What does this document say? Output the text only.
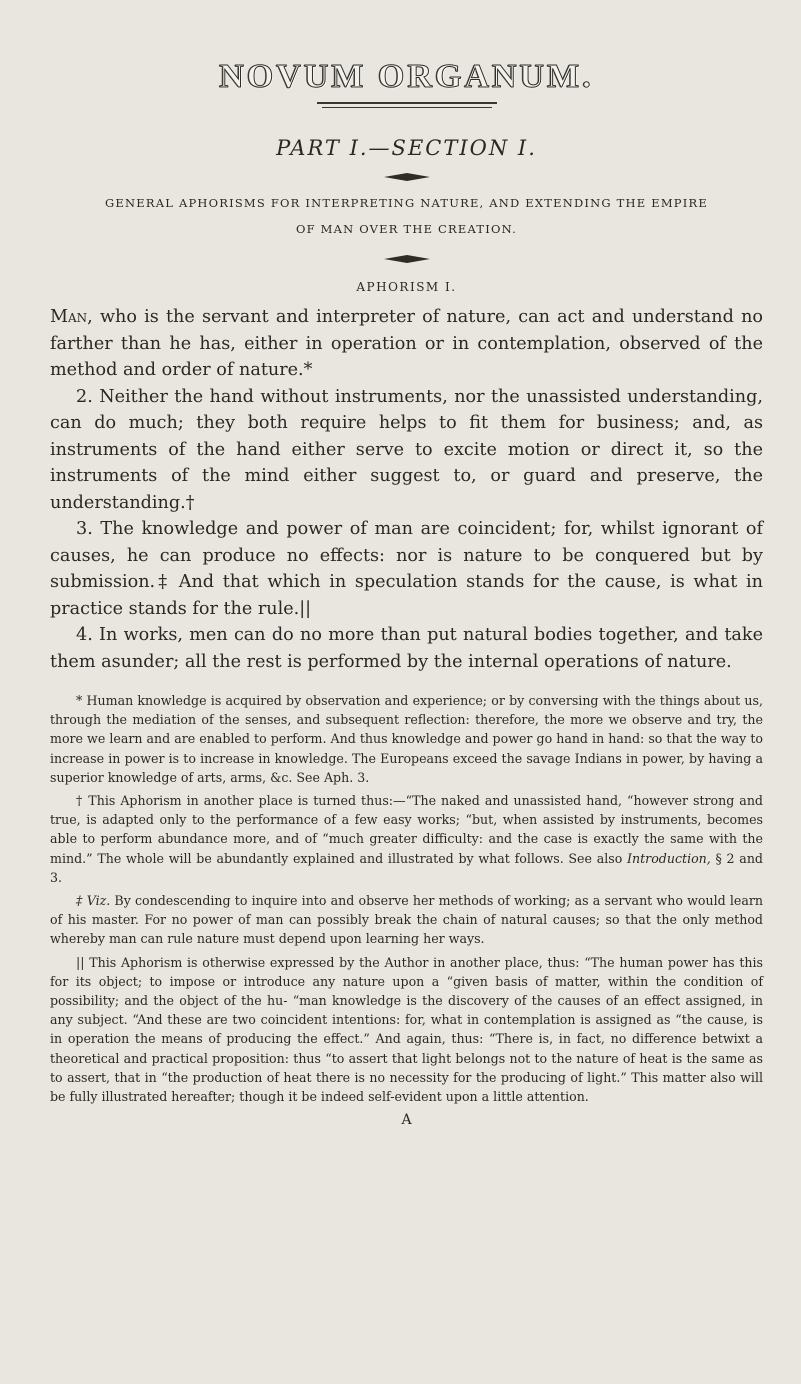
NOVUM ORGANUM.
PART I.—SECTION I.
GENERAL APHORISMS FOR INTERPRETING NATURE, AND EXTENDING THE EMPIRE
OF MAN OVER THE CREATION.
APHORISM I.

Man, who is the servant and interpreter of nature, can act and understand no farther than he has, either in operation or in contemplation, observed of the method and order of nature.*

2. Neither the hand without instruments, nor the unassisted understanding, can do much; they both require helps to fit them for business; and, as instruments of the hand either serve to excite motion or direct it, so the instruments of the mind either suggest to, or guard and preserve, the understanding.†

3. The knowledge and power of man are coincident; for, whilst ignorant of causes, he can produce no effects: nor is nature to be conquered but by submission.‡ And that which in speculation stands for the cause, is what in practice stands for the rule.||

4. In works, men can do no more than put natural bodies together, and take them asunder; all the rest is performed by the internal operations of nature.

* Human knowledge is acquired by observation and experience; or by conversing with the things about us, through the mediation of the senses, and subsequent reflection: therefore, the more we observe and try, the more we learn and are enabled to perform. And thus knowledge and power go hand in hand: so that the way to increase in power is to increase in knowledge. The Europeans exceed the savage Indians in power, by having a superior knowledge of arts, arms, &c. See Aph. 3.

† This Aphorism in another place is turned thus:—“The naked and unassisted hand, “however strong and true, is adapted only to the performance of a few easy works; “but, when assisted by instruments, becomes able to perform abundance more, and of “much greater difficulty: and the case is exactly the same with the mind.” The whole will be abundantly explained and illustrated by what follows. See also Introduction, § 2 and 3.

‡ Viz. By condescending to inquire into and observe her methods of working; as a servant who would learn of his master. For no power of man can possibly break the chain of natural causes; so that the only method whereby man can rule nature must depend upon learning her ways.

|| This Aphorism is otherwise expressed by the Author in another place, thus: “The human power has this for its object; to impose or introduce any nature upon a “given basis of matter, within the condition of possibility; and the object of the hu- “man knowledge is the discovery of the causes of an effect assigned, in any subject. “And these are two coincident intentions: for, what in contemplation is assigned as “the cause, is in operation the means of producing the effect.” And again, thus: “There is, in fact, no difference betwixt a theoretical and practical proposition: thus “to assert that light belongs not to the nature of heat is the same as to assert, that in “the production of heat there is no necessity for the producing of light.” This matter also will be fully illustrated hereafter; though it be indeed self-evident upon a little attention.

A
